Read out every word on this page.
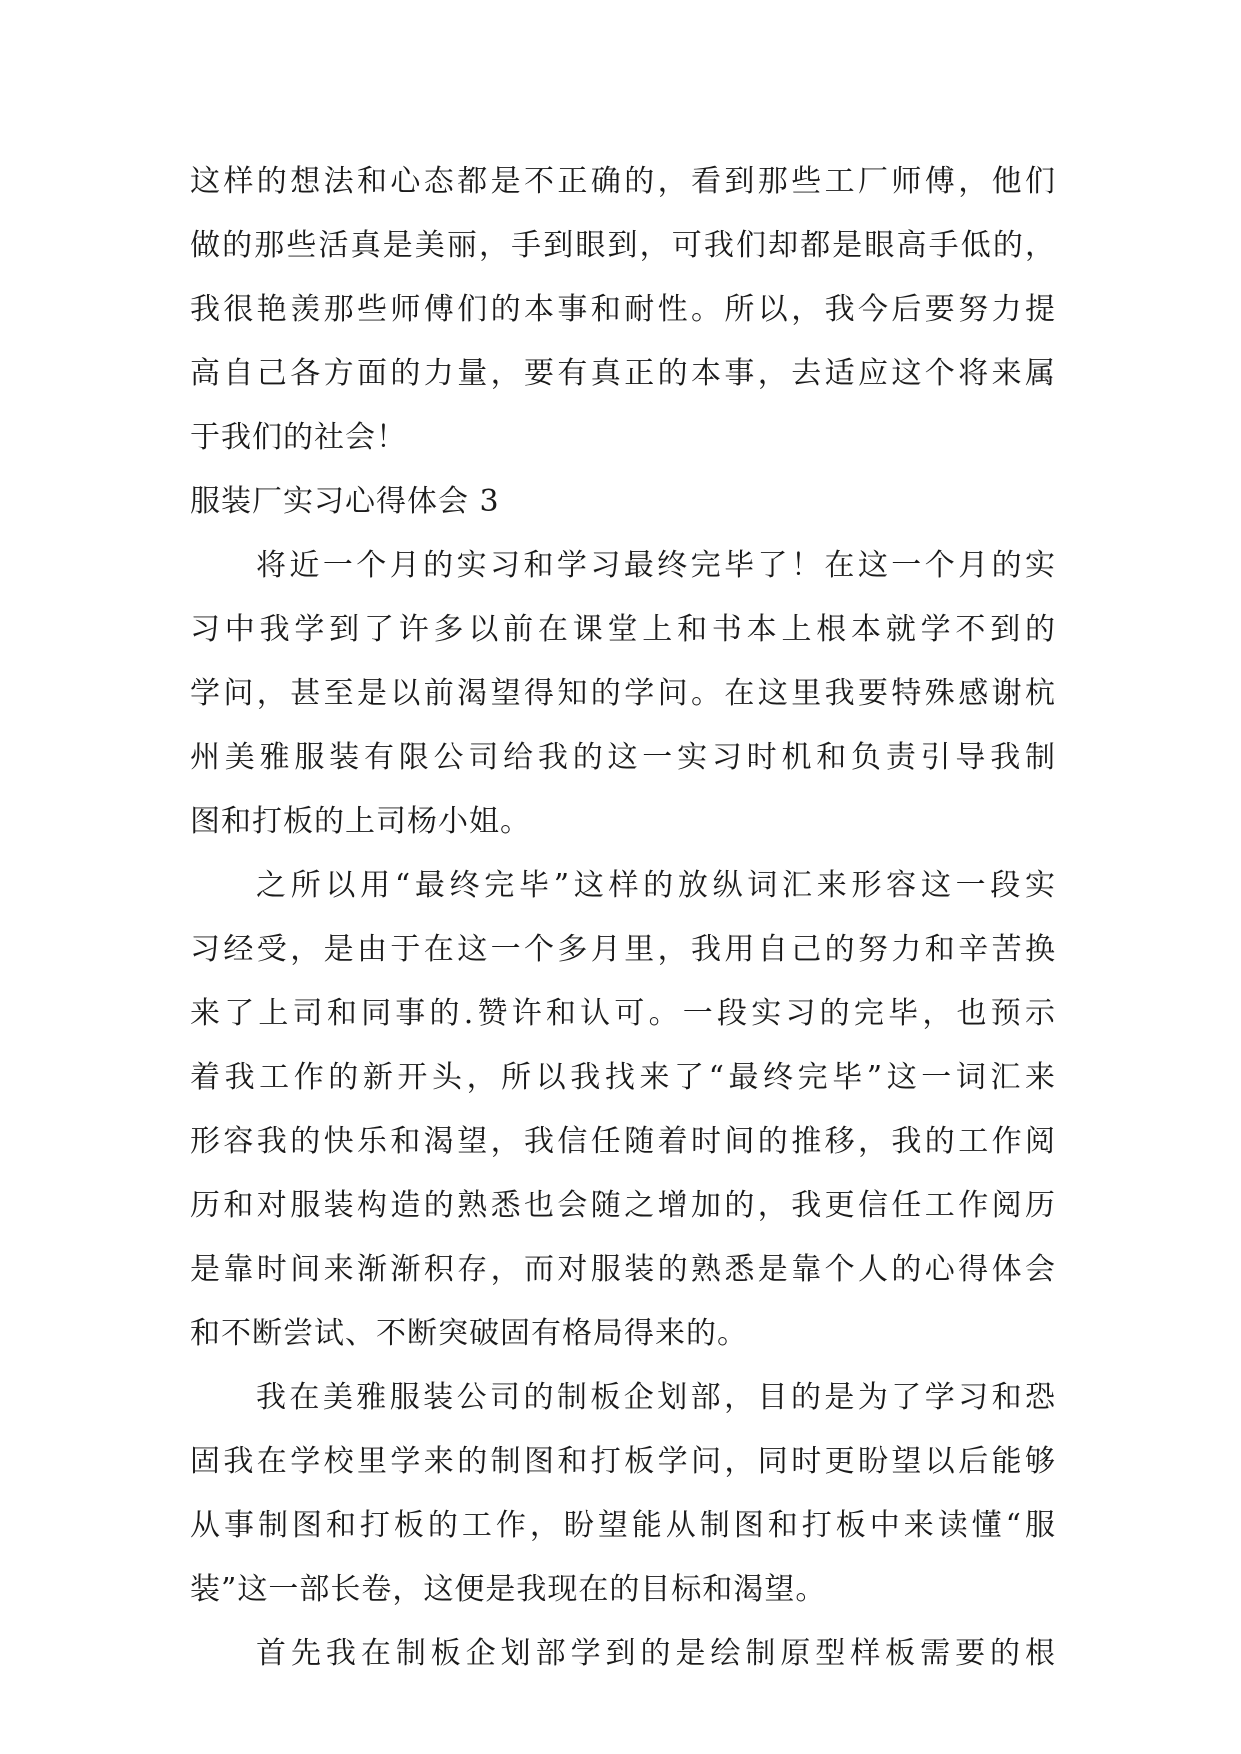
这样的想法和心态都是不正确的，看到那些工厂师傅，他们
做的那些活真是美丽，手到眼到，可我们却都是眼高手低的，
我很艳羡那些师傅们的本事和耐性。所以，我今后要努力提
高自己各方面的力量，要有真正的本事，去适应这个将来属
于我们的社会！
服装厂实习心得体会 3
将近一个月的实习和学习最终完毕了！在这一个月的实
习中我学到了许多以前在课堂上和书本上根本就学不到的
学问，甚至是以前渴望得知的学问。在这里我要特殊感谢杭
州美雅服装有限公司给我的这一实习时机和负责引导我制
图和打板的上司杨小姐。
之所以用“最终完毕”这样的放纵词汇来形容这一段实
习经受，是由于在这一个多月里，我用自己的努力和辛苦换
来了上司和同事的.赞许和认可。一段实习的完毕，也预示
着我工作的新开头，所以我找来了“最终完毕”这一词汇来
形容我的快乐和渴望，我信任随着时间的推移，我的工作阅
历和对服装构造的熟悉也会随之增加的，我更信任工作阅历
是靠时间来渐渐积存，而对服装的熟悉是靠个人的心得体会
和不断尝试、不断突破固有格局得来的。
我在美雅服装公司的制板企划部，目的是为了学习和恐
固我在学校里学来的制图和打板学问，同时更盼望以后能够
从事制图和打板的工作，盼望能从制图和打板中来读懂“服
装”这一部长卷，这便是我现在的目标和渴望。
首先我在制板企划部学到的是绘制原型样板需要的根
